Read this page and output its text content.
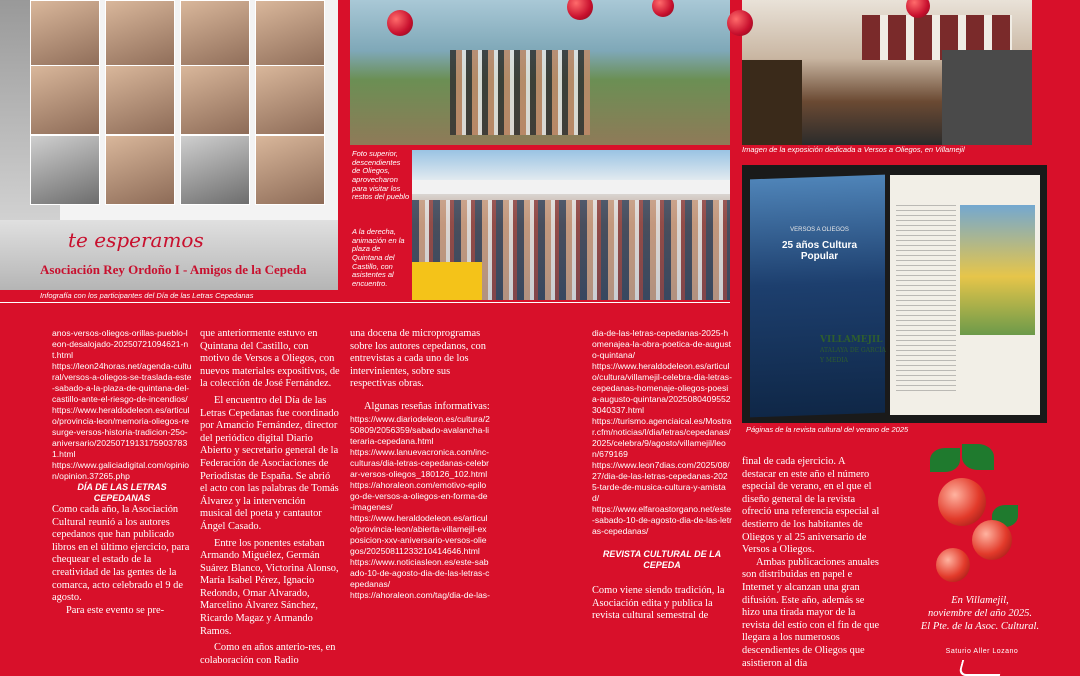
te esperamos
Asociación Rey Ordoño I - Amigos de la Cepeda
Infografía con los participantes del Día de las Letras Cepedanas
Foto superior, descendientes de Oliegos, aprovecharon para visitar los restos del pueblo
A la derecha, animación en la plaza de Quintana del Castillo, con asistentes al encuentro.
Imagen de la exposición dedicada a Versos a Oliegos, en Villamejil
VERSOS A OLIEGOS
25 años Cultura Popular
VILLAMEJIL
ATALAYA DE GARCÍA Y MEDIA
Páginas de la revista cultural del verano de 2025

anos-versos-oliegos-orillas-pueblo-leon-desalojado-20250721094621-nt.html
https://leon24horas.net/agenda-cultural/versos-a-oliegos-se-traslada-este-sabado-a-la-plaza-de-quintana-del-castillo-ante-el-riesgo-de-incendios/
https://www.heraldodeleon.es/articulo/provincia-leon/memoria-oliegos-resurge-versos-historia-tradicion-25o-aniversario/20250719131759037831.html
https://www.galiciadigital.com/opinion/opinion.37265.php

DÍA DE LAS LETRAS CEPEDANAS

Como cada año, la Asociación Cultural reunió a los autores cepedanos que han publicado libros en el último ejercicio, para chequear el estado de la creatividad de las gentes de la comarca, acto celebrado el 9 de agosto.

Para este evento se pre-

que anteriormente estuvo en Quintana del Castillo, con motivo de Versos a Oliegos, con nuevos materiales expositivos, de la colección de José Fernández.

El encuentro del Día de las Letras Cepedanas fue coordinado por Amancio Fernández, director del periódico digital Diario Abierto y secretario general de la Federación de Asociaciones de Periodistas de España. Se abrió el acto con las palabras de Tomás Álvarez y la intervención musical del poeta y cantautor Ángel Casado.

Entre los ponentes estaban Armando Miguélez, Germán Suárez Blanco, Victorina Alonso, María Isabel Pérez, Ignacio Redondo, Omar Alvarado, Marcelino Álvarez Sánchez, Ricardo Magaz y Armando Ramos.

Como en años anterio-res, en colaboración con Radio

una docena de microprogramas sobre los autores cepedanos, con entrevistas a cada uno de los intervinientes, sobre sus respectivas obras.

Algunas reseñas informativas:

https://www.diariodeleon.es/cultura/250809/2056359/sabado-avalancha-literaria-cepedana.html
https://www.lanuevacronica.com/inc-culturas/dia-letras-cepedanas-celebrar-versos-oliegos_180126_102.html
https://ahoraleon.com/emotivo-epilogo-de-versos-a-oliegos-en-forma-de-imagenes/
https://www.heraldodeleon.es/articulo/provincia-leon/abierta-villamejil-exposicion-xxv-aniversario-versos-oliegos/20250811233210414646.html
https://www.noticiasleon.es/este-sabado-10-de-agosto-dia-de-las-letras-cepedanas/
https://ahoraleon.com/tag/dia-de-las-

dia-de-las-letras-cepedanas-2025-homenajea-la-obra-poetica-de-augusto-quintana/
https://www.heraldodeleon.es/articulo/cultura/villamejil-celebra-dia-letras-cepedanas-homenaje-oliegos-poesia-augusto-quintana/20250804095523040337.html
https://turismo.agenciaical.es/Mostrar.cfm/noticias/l/dia/letras/cepedanas/2025/celebra/9/agosto/villamejil/leon/679169
https://www.leon7dias.com/2025/08/27/dia-de-las-letras-cepedanas-2025-tarde-de-musica-cultura-y-amistad/
https://www.elfaroastorgano.net/este-sabado-10-de-agosto-dia-de-las-letras-cepedanas/

REVISTA CULTURAL DE LA CEPEDA

Como viene siendo tradición, la Asociación edita y publica la revista cultural semestral de

final de cada ejercicio. A destacar en este año el número especial de verano, en el que el diseño general de la revista ofreció una referencia especial al destierro de los habitantes de Oliegos y al 25 aniversario de Versos a Oliegos.

Ambas publicaciones anuales son distribuidas en papel e Internet y alcanzan una gran difusión. Este año, además se hizo una tirada mayor de la revista del estío con el fin de que llegara a los numerosos descendientes de Oliegos que asistieron al día

En Villamejil,
noviembre del año 2025.
El Pte. de la Asoc. Cultural.
Saturio Aller Lozano
